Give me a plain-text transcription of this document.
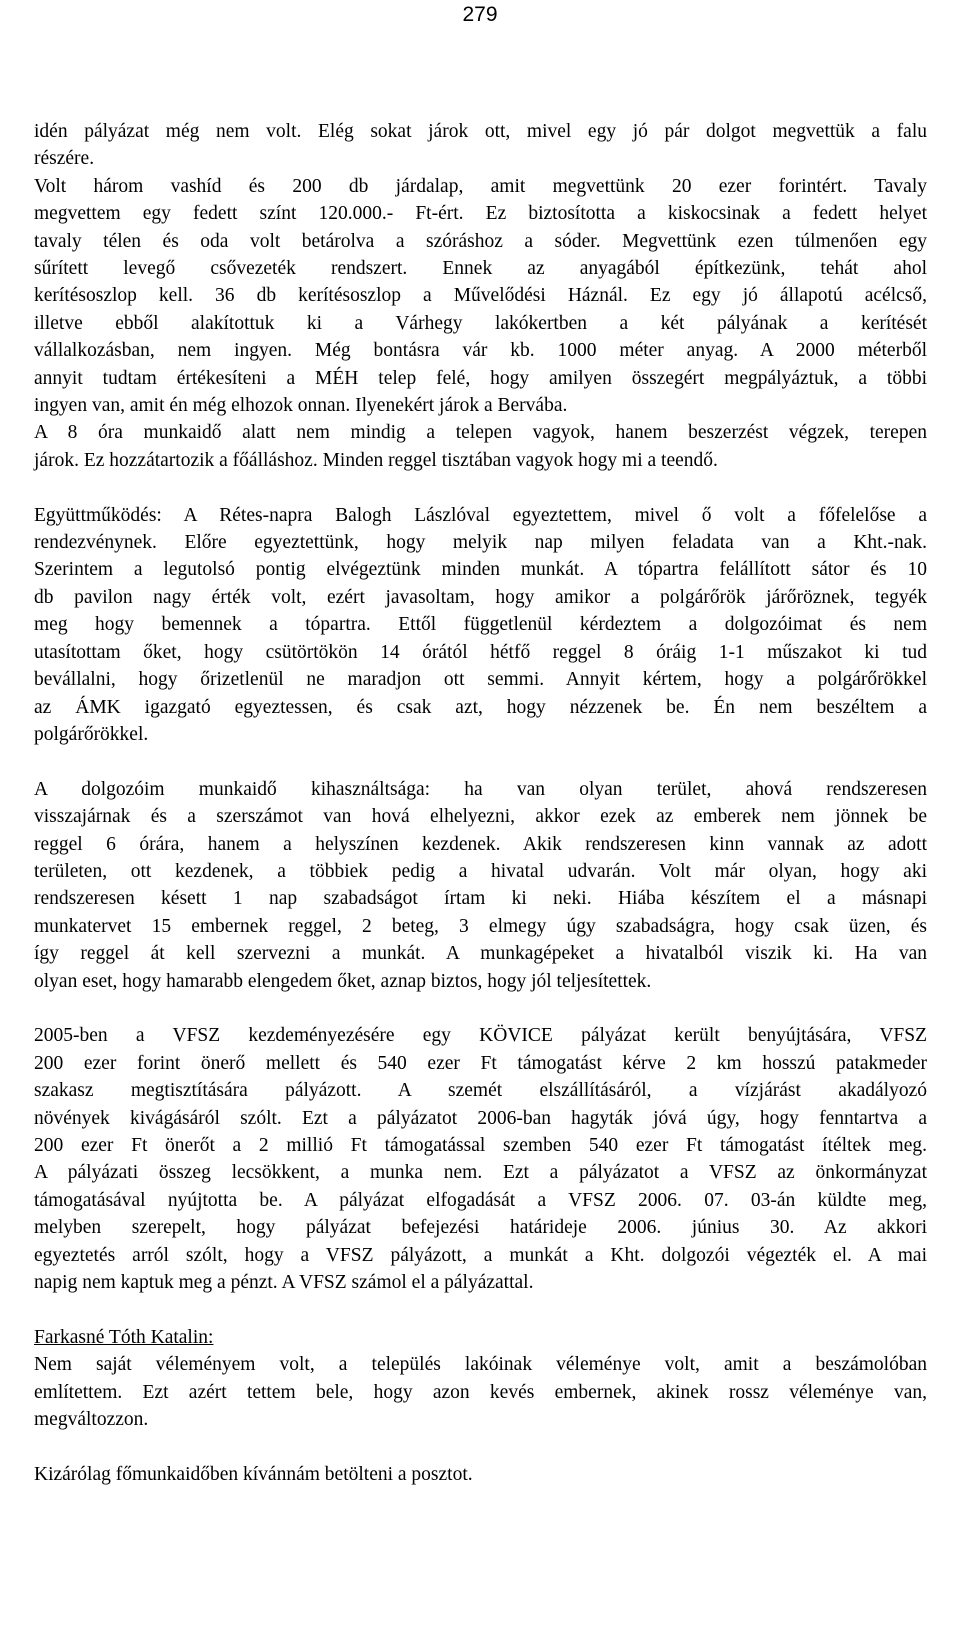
279

idén pályázat még nem volt. Elég sokat járok ott, mivel egy jó pár dolgot megvettük a falu
részére.

Volt három vashíd és 200 db járdalap, amit megvettünk 20 ezer forintért. Tavaly
megvettem egy fedett színt 120.000.- Ft-ért. Ez biztosította a kiskocsinak a fedett helyet
tavaly télen és oda volt betárolva a szóráshoz a sóder. Megvettünk ezen túlmenően egy
sűrített levegő csővezeték rendszert. Ennek az anyagából építkezünk, tehát ahol
kerítésoszlop kell. 36 db kerítésoszlop a Művelődési Háznál. Ez egy jó állapotú acélcső,
illetve ebből alakítottuk ki a Várhegy lakókertben a két pályának a kerítését
vállalkozásban, nem ingyen. Még bontásra vár kb. 1000 méter anyag. A 2000 méterből
annyit tudtam értékesíteni a MÉH telep felé, hogy amilyen összegért megpályáztuk, a többi
ingyen van, amit én még elhozok onnan. Ilyenekért járok a Bervába.

A 8 óra munkaidő alatt nem mindig a telepen vagyok, hanem beszerzést végzek, terepen
járok. Ez hozzátartozik a főálláshoz. Minden reggel tisztában vagyok hogy mi a teendő.

Együttműködés: A Rétes-napra Balogh Lászlóval egyeztettem, mivel ő volt a főfelelőse a
rendezvénynek. Előre egyeztettünk, hogy melyik nap milyen feladata van a Kht.-nak.
Szerintem a legutolsó pontig elvégeztünk minden munkát. A tópartra felállított sátor és 10
db pavilon nagy érték volt, ezért javasoltam, hogy amikor a polgárőrök járőröznek, tegyék
meg hogy bemennek a tópartra. Ettől függetlenül kérdeztem a dolgozóimat és nem
utasítottam őket, hogy csütörtökön 14 órától hétfő reggel 8 óráig 1-1 műszakot ki tud
bevállalni, hogy őrizetlenül ne maradjon ott semmi. Annyit kértem, hogy a polgárőrökkel
az ÁMK igazgató egyeztessen, és csak azt, hogy nézzenek be. Én nem beszéltem a
polgárőrökkel.

A dolgozóim munkaidő kihasználtsága: ha van olyan terület, ahová rendszeresen
visszajárnak és a szerszámot van hová elhelyezni, akkor ezek az emberek nem jönnek be
reggel 6 órára, hanem a helyszínen kezdenek. Akik rendszeresen kinn vannak az adott
területen, ott kezdenek, a többiek pedig a hivatal udvarán. Volt már olyan, hogy aki
rendszeresen késett 1 nap szabadságot írtam ki neki. Hiába készítem el a másnapi
munkatervet 15 embernek reggel, 2 beteg, 3 elmegy úgy szabadságra, hogy csak üzen, és
így reggel át kell szervezni a munkát. A munkagépeket a hivatalból viszik ki. Ha van
olyan eset, hogy hamarabb elengedem őket, aznap biztos, hogy jól teljesítettek.

2005-ben a VFSZ kezdeményezésére egy KÖVICE pályázat került benyújtására, VFSZ
200 ezer forint önerő mellett és 540 ezer Ft támogatást kérve 2 km hosszú patakmeder
szakasz megtisztítására pályázott. A szemét elszállításáról, a vízjárást akadályozó
növények kivágásáról szólt. Ezt a pályázatot 2006-ban hagyták jóvá úgy, hogy fenntartva a
200 ezer Ft önerőt a 2 millió Ft támogatással szemben 540 ezer Ft támogatást ítéltek meg.
A pályázati összeg lecsökkent, a munka nem. Ezt a pályázatot a VFSZ az önkormányzat
támogatásával nyújtotta be. A pályázat elfogadását a VFSZ 2006. 07. 03-án küldte meg,
melyben szerepelt, hogy pályázat befejezési határideje 2006. június 30. Az akkori
egyeztetés arról szólt, hogy a VFSZ pályázott, a munkát a Kht. dolgozói végezték el. A mai
napig nem kaptuk meg a pénzt. A VFSZ számol el a pályázattal.

Farkasné Tóth Katalin:
Nem saját véleményem volt, a település lakóinak véleménye volt, amit a beszámolóban
említettem. Ezt azért tettem bele, hogy azon kevés embernek, akinek rossz véleménye van,
megváltozzon.

Kizárólag főmunkaidőben kívánnám betölteni a posztot.
